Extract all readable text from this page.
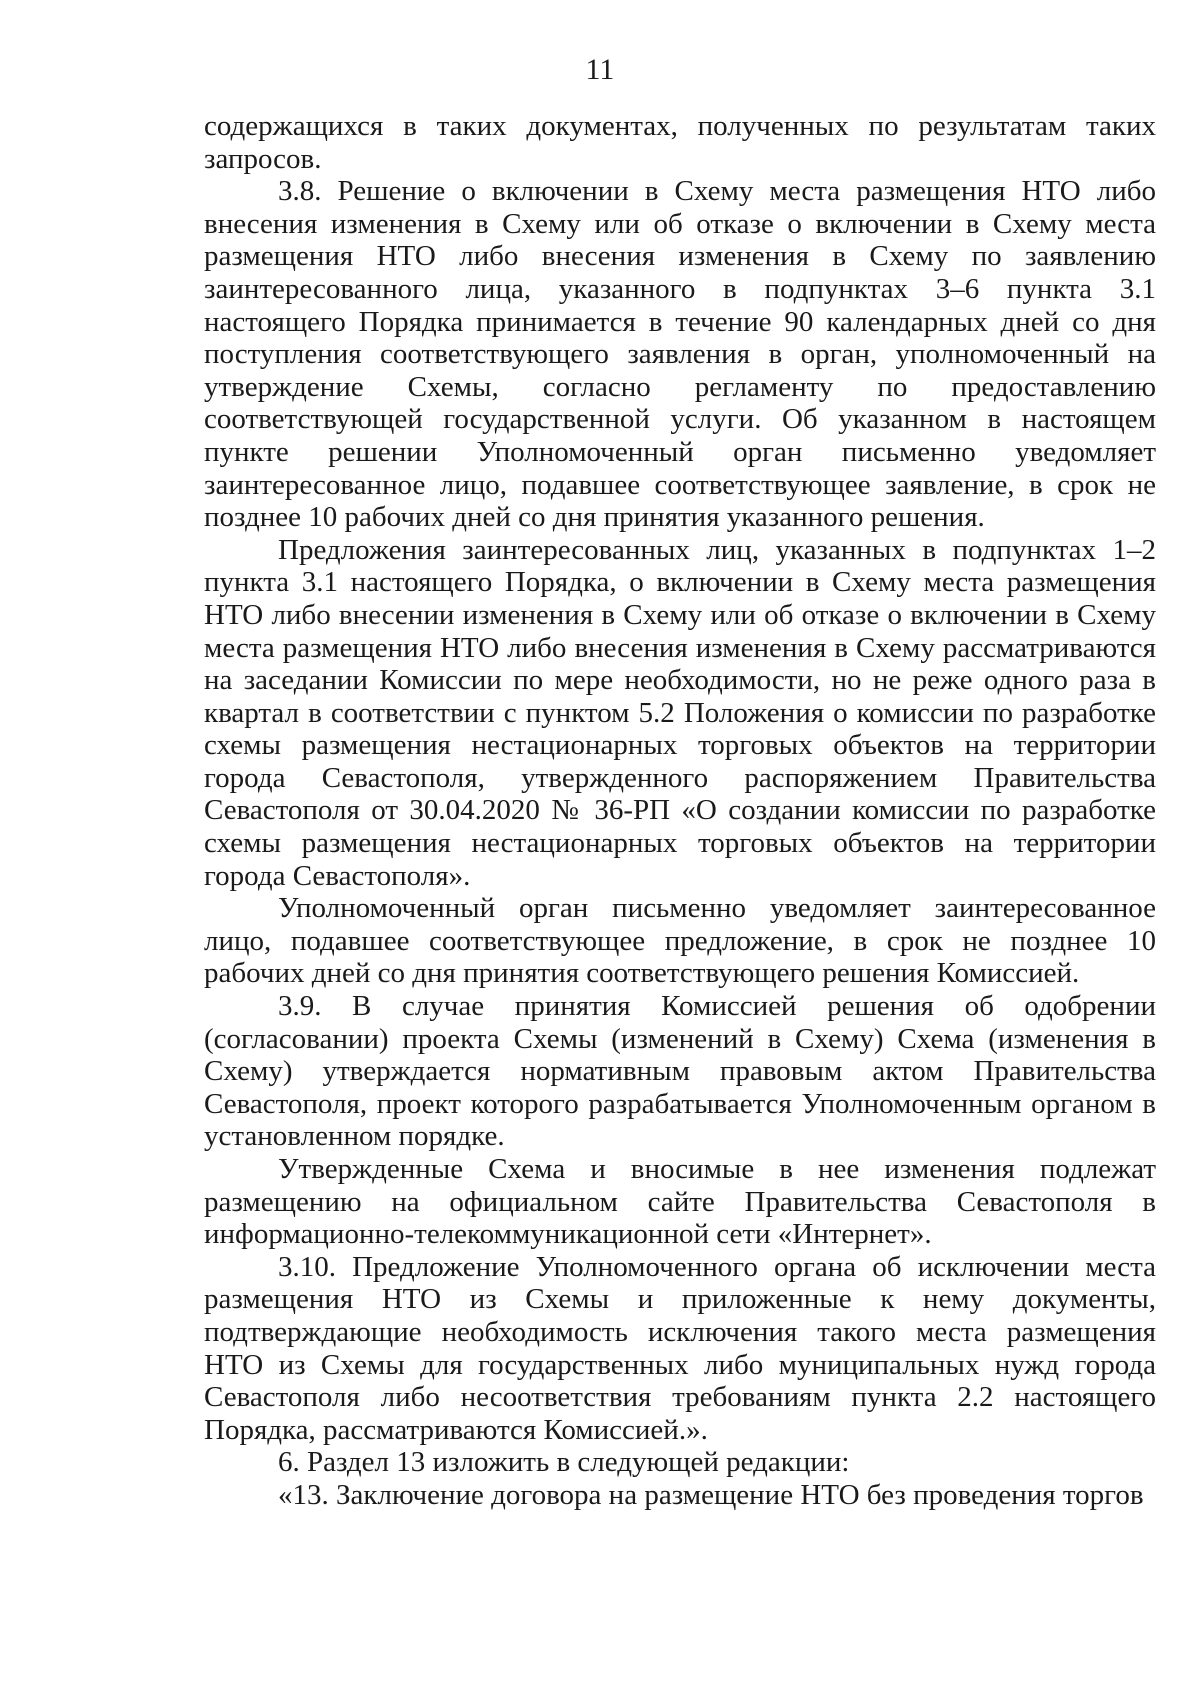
11

содержащихся в таких документах, полученных по результатам таких запросов.

3.8. Решение о включении в Схему места размещения НТО либо внесения изменения в Схему или об отказе о включении в Схему места размещения НТО либо внесения изменения в Схему по заявлению заинтересованного лица, указанного в подпунктах 3–6 пункта 3.1 настоящего Порядка принимается в течение 90 календарных дней со дня поступления соответствующего заявления в орган, уполномоченный на утверждение Схемы, согласно регламенту по предоставлению соответствующей государственной услуги. Об указанном в настоящем пункте решении Уполномоченный орган письменно уведомляет заинтересованное лицо, подавшее соответствующее заявление, в срок не позднее 10 рабочих дней со дня принятия указанного решения.

Предложения заинтересованных лиц, указанных в подпунктах 1–2 пункта 3.1 настоящего Порядка, о включении в Схему места размещения НТО либо внесении изменения в Схему или об отказе о включении в Схему места размещения НТО либо внесения изменения в Схему рассматриваются на заседании Комиссии по мере необходимости, но не реже одного раза в квартал в соответствии с пунктом 5.2 Положения о комиссии по разработке схемы размещения нестационарных торговых объектов на территории города Севастополя, утвержденного распоряжением Правительства Севастополя от 30.04.2020 № 36-РП «О создании комиссии по разработке схемы размещения нестационарных торговых объектов на территории города Севастополя».

Уполномоченный орган письменно уведомляет заинтересованное лицо, подавшее соответствующее предложение, в срок не позднее 10 рабочих дней со дня принятия соответствующего решения Комиссией.

3.9. В случае принятия Комиссией решения об одобрении (согласовании) проекта Схемы (изменений в Схему) Схема (изменения в Схему) утверждается нормативным правовым актом Правительства Севастополя, проект которого разрабатывается Уполномоченным органом в установленном порядке.

Утвержденные Схема и вносимые в нее изменения подлежат размещению на официальном сайте Правительства Севастополя в информационно-телекоммуникационной сети «Интернет».

3.10. Предложение Уполномоченного органа об исключении места размещения НТО из Схемы и приложенные к нему документы, подтверждающие необходимость исключения такого места размещения НТО из Схемы для государственных либо муниципальных нужд города Севастополя либо несоответствия требованиям пункта 2.2 настоящего Порядка, рассматриваются Комиссией.».

6. Раздел 13 изложить в следующей редакции:

«13. Заключение договора на размещение НТО без проведения торгов
